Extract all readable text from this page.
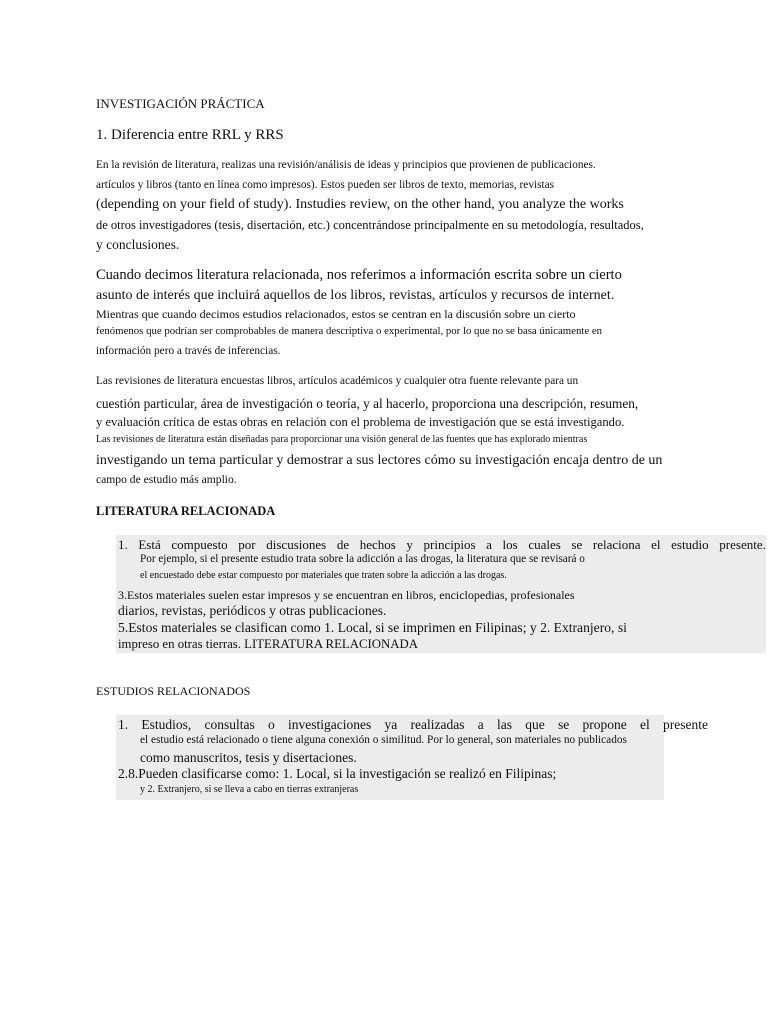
INVESTIGACIÓN PRÁCTICA
1. Diferencia entre RRL y RRS
En la revisión de literatura, realizas una revisión/análisis de ideas y principios que provienen de publicaciones.
artículos y libros (tanto en línea como impresos). Estos pueden ser libros de texto, memorias, revistas
(depending on your field of study). Instudies review, on the other hand, you analyze the works
de otros investigadores (tesis, disertación, etc.) concentrándose principalmente en su metodología, resultados,
y conclusiones.
Cuando decimos literatura relacionada, nos referimos a información escrita sobre un cierto
asunto de interés que incluirá aquellos de los libros, revistas, artículos y recursos de internet.
Mientras que cuando decimos estudios relacionados, estos se centran en la discusión sobre un cierto
fenómenos que podrían ser comprobables de manera descriptiva o experimental, por lo que no se basa únicamente en
información pero a través de inferencias.
Las revisiones de literatura encuestas libros, artículos académicos y cualquier otra fuente relevante para un
cuestión particular, área de investigación o teoría, y al hacerlo, proporciona una descripción, resumen,
y evaluación crítica de estas obras en relación con el problema de investigación que se está investigando.
Las revisiones de literatura están diseñadas para proporcionar una visión general de las fuentes que has explorado mientras
investigando un tema particular y demostrar a sus lectores cómo su investigación encaja dentro de un
campo de estudio más amplio.
LITERATURA RELACIONADA
1. Está compuesto por discusiones de hechos y principios a los cuales se relaciona el estudio presente.
Por ejemplo, si el presente estudio trata sobre la adicción a las drogas, la literatura que se revisará o
el encuestado debe estar compuesto por materiales que traten sobre la adicción a las drogas.
3.Estos materiales suelen estar impresos y se encuentran en libros, enciclopedias, profesionales
diarios, revistas, periódicos y otras publicaciones.
5.Estos materiales se clasifican como 1. Local, si se imprimen en Filipinas; y 2. Extranjero, si
impreso en otras tierras. LITERATURA RELACIONADA
ESTUDIOS RELACIONADOS
1. Estudios, consultas o investigaciones ya realizadas a las que se propone el presente
el estudio está relacionado o tiene alguna conexión o similitud. Por lo general, son materiales no publicados
como manuscritos, tesis y disertaciones.
2.8.Pueden clasificarse como: 1. Local, si la investigación se realizó en Filipinas;
y 2. Extranjero, si se lleva a cabo en tierras extranjeras
